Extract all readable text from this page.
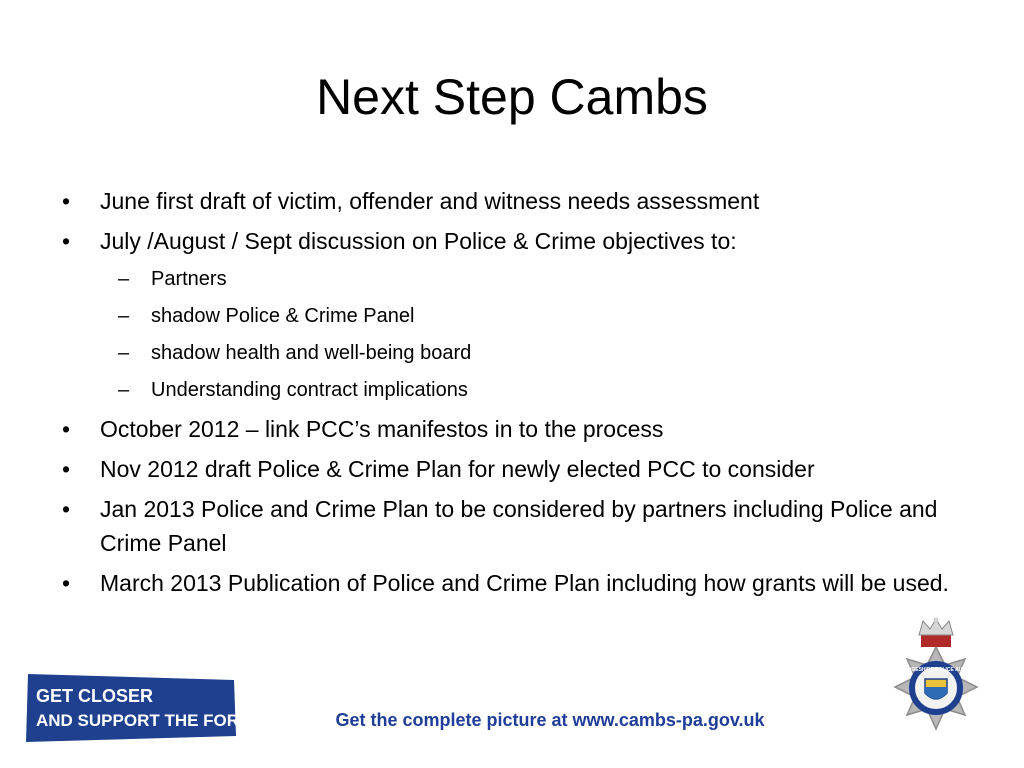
Next Step Cambs
• June first draft of victim, offender and witness needs assessment
• July /August / Sept discussion on Police & Crime objectives to:
– Partners
– shadow Police & Crime Panel
– shadow health and well-being board
– Understanding contract implications
• October 2012 – link PCC’s manifestos in to the process
• Nov 2012 draft Police & Crime Plan for newly elected PCC to consider
• Jan 2013 Police and Crime Plan to be considered by partners including Police and Crime Panel
• March 2013 Publication of Police and Crime Plan including how grants will be used.
GET CLOSER
AND SUPPORT THE FORCE!	Get the complete picture at www.cambs-pa.gov.uk
CAMBRIDGESHIRE POLICE AUTHORITY
